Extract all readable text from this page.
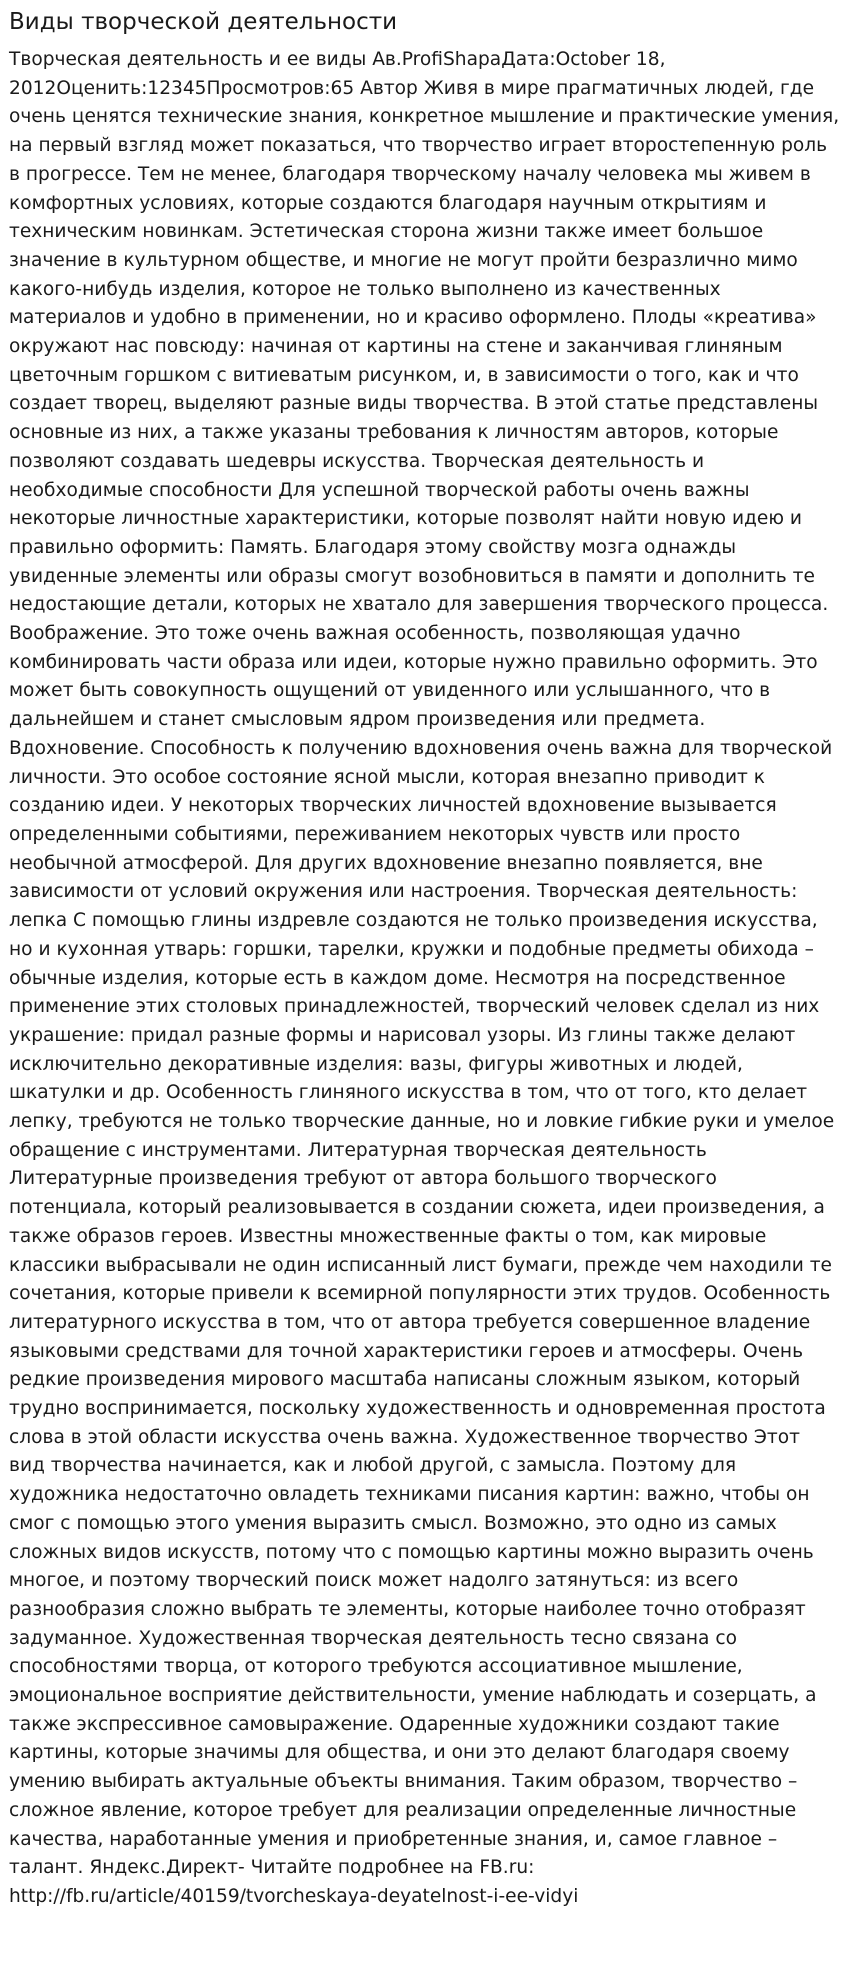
Виды творческой деятельности

Творческая деятельность и ее виды Ав.ProfiShapaДата:October 18, 2012Оценить:12345Просмотров:65 Автор Живя в мире прагматичных людей, где очень ценятся технические знания, конкретное мышление и практические умения, на первый взгляд может показаться, что творчество играет второстепенную роль в прогрессе. Тем не менее, благодаря творческому началу человека мы живем в комфортных условиях, которые создаются благодаря научным открытиям и техническим новинкам. Эстетическая сторона жизни также имеет большое значение в культурном обществе, и многие не могут пройти безразлично мимо какого-нибудь изделия, которое не только выполнено из качественных материалов и удобно в применении, но и красиво оформлено. Плоды «креатива» окружают нас повсюду: начиная от картины на стене и заканчивая глиняным цветочным горшком с витиеватым рисунком, и, в зависимости о того, как и что создает творец, выделяют разные виды творчества. В этой статье представлены основные из них, а также указаны требования к личностям авторов, которые позволяют создавать шедевры искусства. Творческая деятельность и необходимые способности Для успешной творческой работы очень важны некоторые личностные характеристики, которые позволят найти новую идею и правильно оформить: Память. Благодаря этому свойству мозга однажды увиденные элементы или образы смогут возобновиться в памяти и дополнить те недостающие детали, которых не хватало для завершения творческого процесса. Воображение. Это тоже очень важная особенность, позволяющая удачно комбинировать части образа или идеи, которые нужно правильно оформить. Это может быть совокупность ощущений от увиденного или услышанного, что в дальнейшем и станет смысловым ядром произведения или предмета. Вдохновение. Способность к получению вдохновения очень важна для творческой личности. Это особое состояние ясной мысли, которая внезапно приводит к созданию идеи. У некоторых творческих личностей вдохновение вызывается определенными событиями, переживанием некоторых чувств или просто необычной атмосферой. Для других вдохновение внезапно появляется, вне зависимости от условий окружения или настроения. Творческая деятельность: лепка С помощью глины издревле создаются не только произведения искусства, но и кухонная утварь: горшки, тарелки, кружки и подобные предметы обихода – обычные изделия, которые есть в каждом доме. Несмотря на посредственное применение этих столовых принадлежностей, творческий человек сделал из них украшение: придал разные формы и нарисовал узоры. Из глины также делают исключительно декоративные изделия: вазы, фигуры животных и людей, шкатулки и др. Особенность глиняного искусства в том, что от того, кто делает лепку, требуются не только творческие данные, но и ловкие гибкие руки и умелое обращение с инструментами. Литературная творческая деятельность Литературные произведения требуют от автора большого творческого потенциала, который реализовывается в создании сюжета, идеи произведения, а также образов героев. Известны множественные факты о том, как мировые классики выбрасывали не один исписанный лист бумаги, прежде чем находили те сочетания, которые привели к всемирной популярности этих трудов. Особенность литературного искусства в том, что от автора требуется совершенное владение языковыми средствами для точной характеристики героев и атмосферы. Очень редкие произведения мирового масштаба написаны сложным языком, который трудно воспринимается, поскольку художественность и одновременная простота слова в этой области искусства очень важна. Художественное творчество Этот вид творчества начинается, как и любой другой, с замысла. Поэтому для художника недостаточно овладеть техниками писания картин: важно, чтобы он смог с помощью этого умения выразить смысл. Возможно, это одно из самых сложных видов искусств, потому что с помощью картины можно выразить очень многое, и поэтому творческий поиск может надолго затянуться: из всего разнообразия сложно выбрать те элементы, которые наиболее точно отобразят задуманное. Художественная творческая деятельность тесно связана со способностями творца, от которого требуются ассоциативное мышление, эмоциональное восприятие действительности, умение наблюдать и созерцать, а также экспрессивное самовыражение. Одаренные художники создают такие картины, которые значимы для общества, и они это делают благодаря своему умению выбирать актуальные объекты внимания. Таким образом, творчество – сложное явление, которое требует для реализации определенные личностные качества, наработанные умения и приобретенные знания, и, самое главное – талант. Яндекс.Директ- Читайте подробнее на FB.ru: http://fb.ru/article/40159/tvorcheskaya-deyatelnost-i-ee-vidyi
